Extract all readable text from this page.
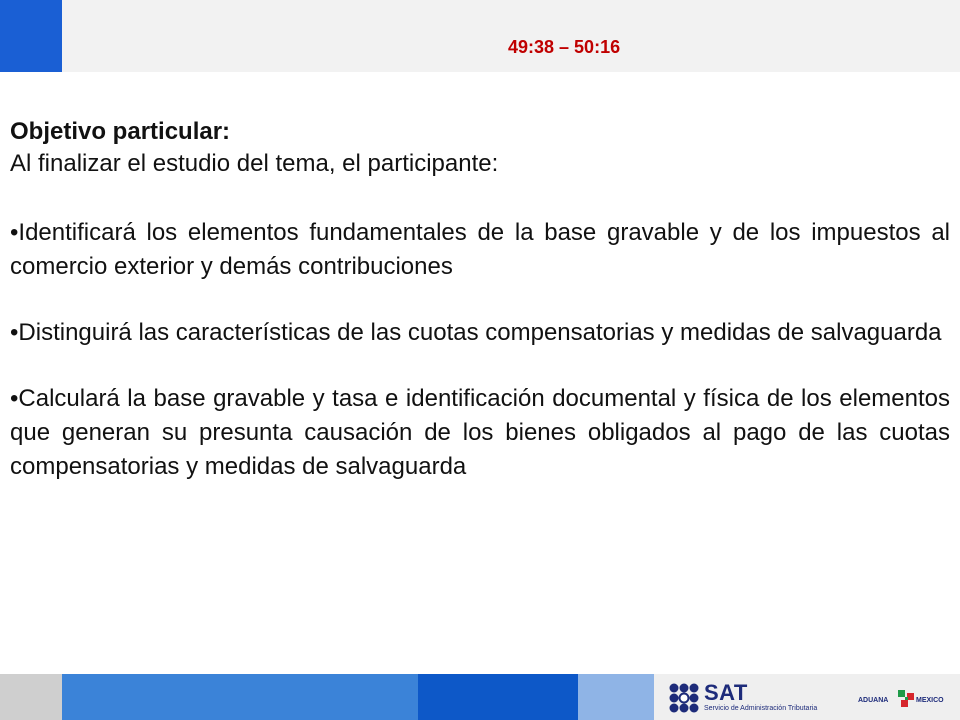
49:38 – 50:16

Objetivo particular:

Al finalizar el estudio del tema, el participante:

•Identificará los elementos fundamentales de la base gravable y de los impuestos al comercio exterior y demás contribuciones

•Distinguirá las características de las cuotas compensatorias y medidas de salvaguarda

•Calculará la base gravable y tasa e identificación documental y física de los elementos que generan su presunta causación de los bienes obligados al pago de las cuotas compensatorias y medidas de salvaguarda

SAT
Servicio de Administración Tributaria
ADUANA	MEXICO
